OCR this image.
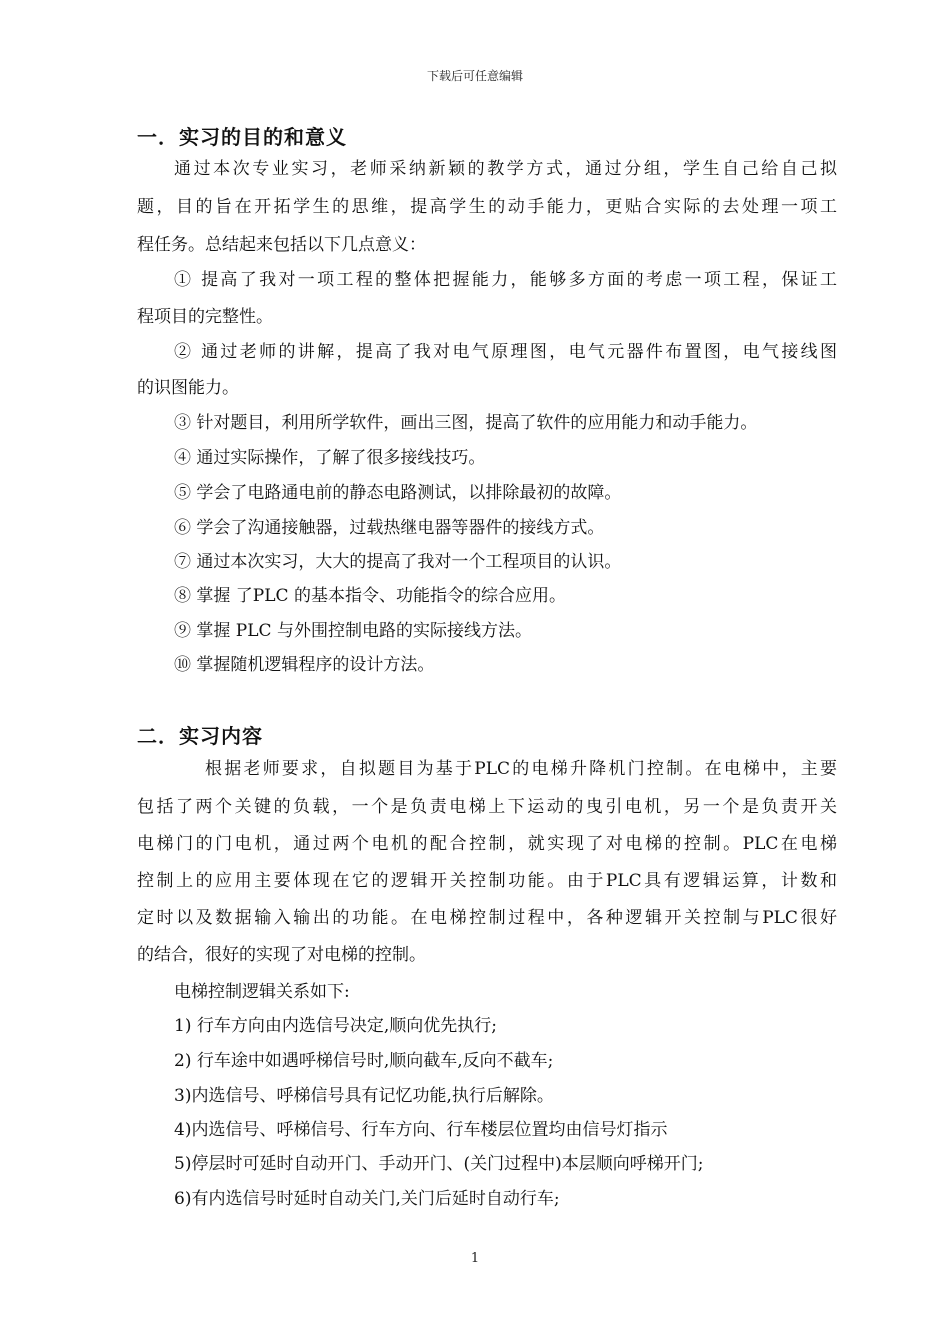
下载后可任意编辑
一．实习的目的和意义
通过本次专业实习，老师采纳新颖的教学方式，通过分组，学生自己给自己拟
题，目的旨在开拓学生的思维，提高学生的动手能力，更贴合实际的去处理一项工
程任务。总结起来包括以下几点意义：
① 提高了我对一项工程的整体把握能力，能够多方面的考虑一项工程，保证工
程项目的完整性。
② 通过老师的讲解，提高了我对电气原理图，电气元器件布置图，电气接线图
的识图能力。
③ 针对题目，利用所学软件，画出三图，提高了软件的应用能力和动手能力。
④ 通过实际操作，了解了很多接线技巧。
⑤ 学会了电路通电前的静态电路测试，以排除最初的故障。
⑥ 学会了沟通接触器，过载热继电器等器件的接线方式。
⑦ 通过本次实习，大大的提高了我对一个工程项目的认识。
⑧ 掌握 了PLC 的基本指令、功能指令的综合应用。
⑨ 掌握 PLC 与外围控制电路的实际接线方法。
⑩ 掌握随机逻辑程序的设计方法。
二．实习内容
根据老师要求，自拟题目为基于PLC的电梯升降机门控制。在电梯中，主要
包括了两个关键的负载，一个是负责电梯上下运动的曳引电机，另一个是负责开关
电梯门的门电机，通过两个电机的配合控制，就实现了对电梯的控制。PLC在电梯
控制上的应用主要体现在它的逻辑开关控制功能。由于PLC具有逻辑运算，计数和
定时以及数据输入输出的功能。在电梯控制过程中，各种逻辑开关控制与PLC很好
的结合，很好的实现了对电梯的控制。
电梯控制逻辑关系如下:
1) 行车方向由内选信号决定,顺向优先执行;
2) 行车途中如遇呼梯信号时,顺向截车,反向不截车;
3)内选信号、呼梯信号具有记忆功能,执行后解除。
4)内选信号、呼梯信号、行车方向、行车楼层位置均由信号灯指示
5)停层时可延时自动开门、手动开门、(关门过程中)本层顺向呼梯开门;
6)有内选信号时延时自动关门,关门后延时自动行车;
1
